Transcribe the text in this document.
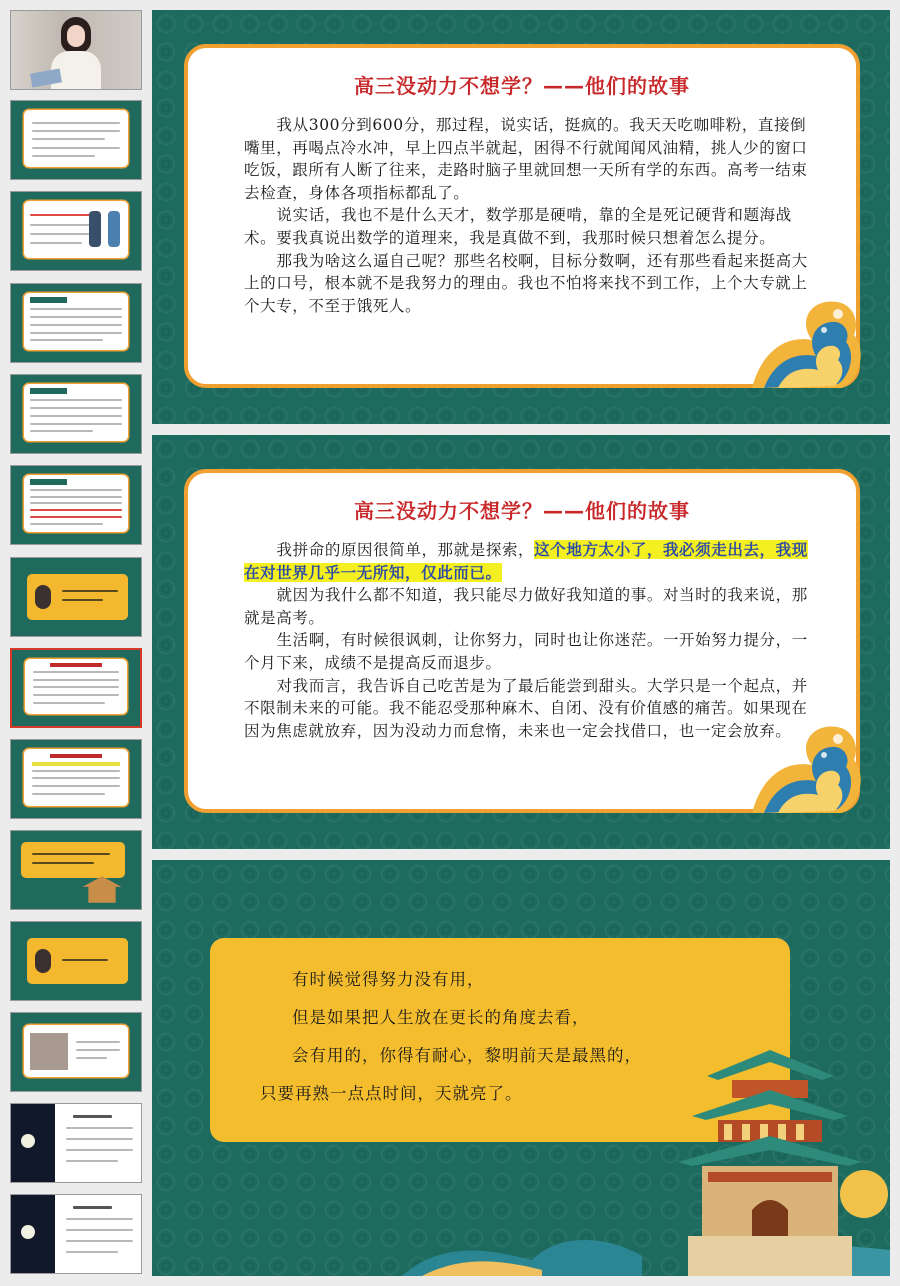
高三没动力不想学？——他们的故事

我从300分到600分，那过程，说实话，挺疯的。我天天吃咖啡粉，直接倒嘴里，再喝点冷水冲，早上四点半就起，困得不行就闻闻风油精，挑人少的窗口吃饭，跟所有人断了往来，走路时脑子里就回想一天所有学的东西。高考一结束去检查，身体各项指标都乱了。

说实话，我也不是什么天才，数学那是硬啃，靠的全是死记硬背和题海战术。要我真说出数学的道理来，我是真做不到，我那时候只想着怎么提分。

那我为啥这么逼自己呢？那些名校啊，目标分数啊，还有那些看起来挺高大上的口号，根本就不是我努力的理由。我也不怕将来找不到工作，上个大专就上个大专，不至于饿死人。

高三没动力不想学？——他们的故事

我拼命的原因很简单，那就是探索，这个地方太小了，我必须走出去，我现在对世界几乎一无所知，仅此而已。

就因为我什么都不知道，我只能尽力做好我知道的事。对当时的我来说，那就是高考。

生活啊，有时候很讽刺，让你努力，同时也让你迷茫。一开始努力提分，一个月下来，成绩不是提高反而退步。

对我而言，我告诉自己吃苦是为了最后能尝到甜头。大学只是一个起点，并不限制未来的可能。我不能忍受那种麻木、自闭、没有价值感的痛苦。如果现在因为焦虑就放弃，因为没动力而怠惰，未来也一定会找借口，也一定会放弃。

有时候觉得努力没有用，
但是如果把人生放在更长的角度去看，
会有用的，你得有耐心，黎明前天是最黑的，
只要再熟一点点时间，天就亮了。
